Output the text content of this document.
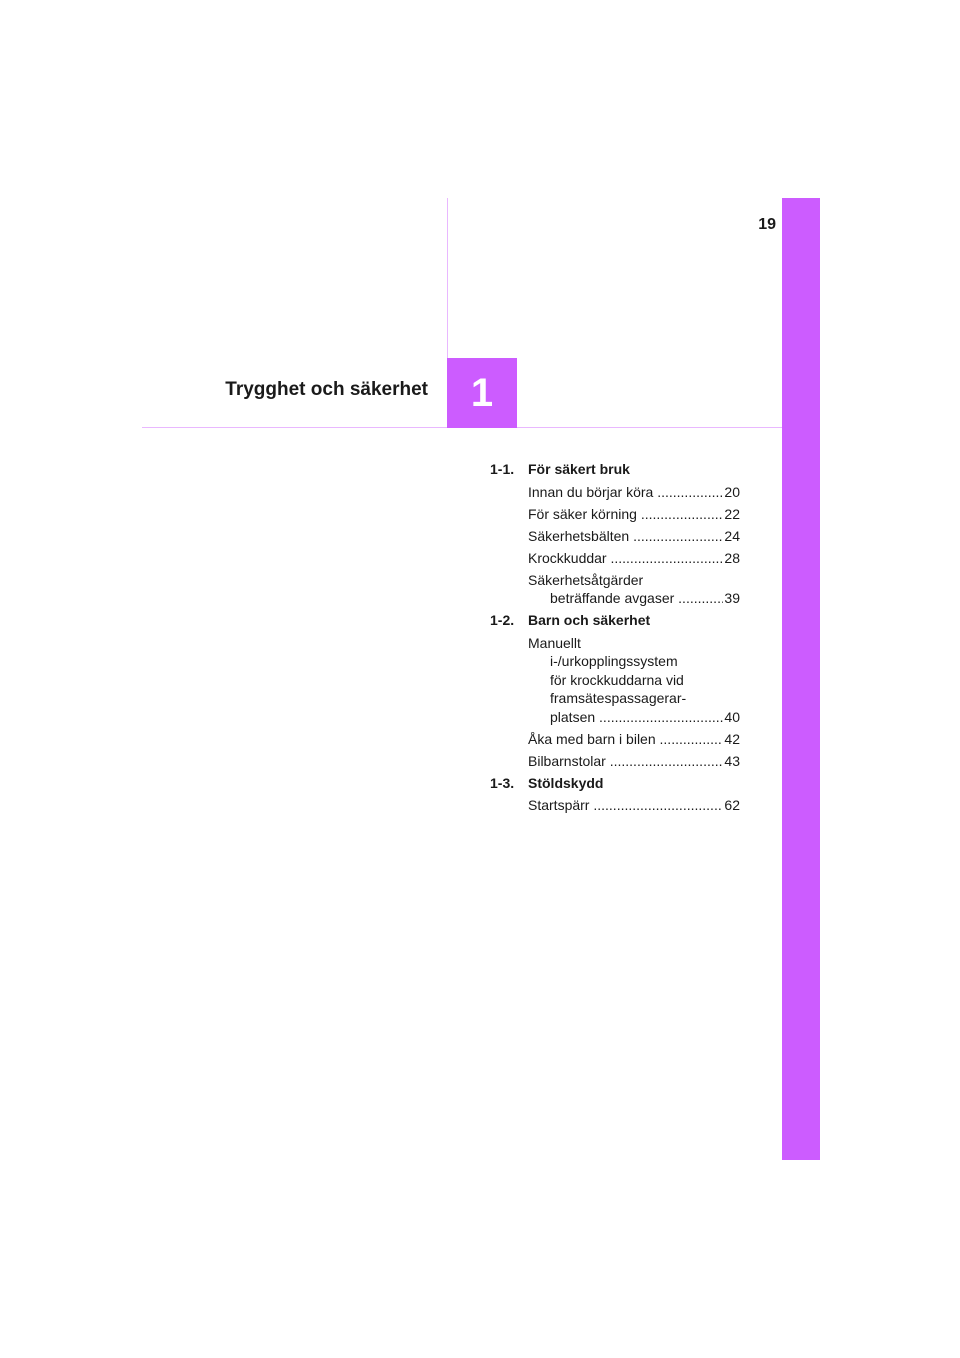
19
1
Trygghet och säkerhet
1-1. För säkert bruk
Innan du börjar köra .....	20
För säker körning .....	22
Säkerhetsbälten .....	24
Krockkuddar .....	28
Säkerhetsåtgärder
beträffande avgaser .....	39
1-2. Barn och säkerhet
Manuellt
i-/urkopplingssystem
för krockkuddarna vid
framsätespassagerar-
platsen .....	40
Åka med barn i bilen .....	42
Bilbarnstolar .....	43
1-3. Stöldskydd
Startspärr .....	62
